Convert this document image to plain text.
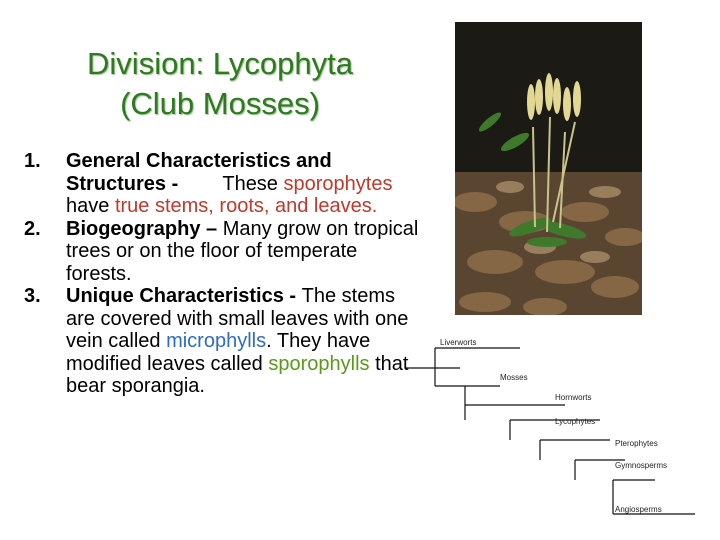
Division: Lycophyta
(Club Mosses)
1. General Characteristics and Structures -        These sporophytes have true stems, roots, and leaves.
2. Biogeography – Many grow on tropical trees or on the floor of temperate forests.
3. Unique Characteristics - The stems are covered with small leaves with one vein called microphylls. They have modified leaves called sporophylls that bear sporangia.
Liverworts
Mosses
Hornworts
Lycophytes
Pterophytes
Gymnosperms
Angiosperms
